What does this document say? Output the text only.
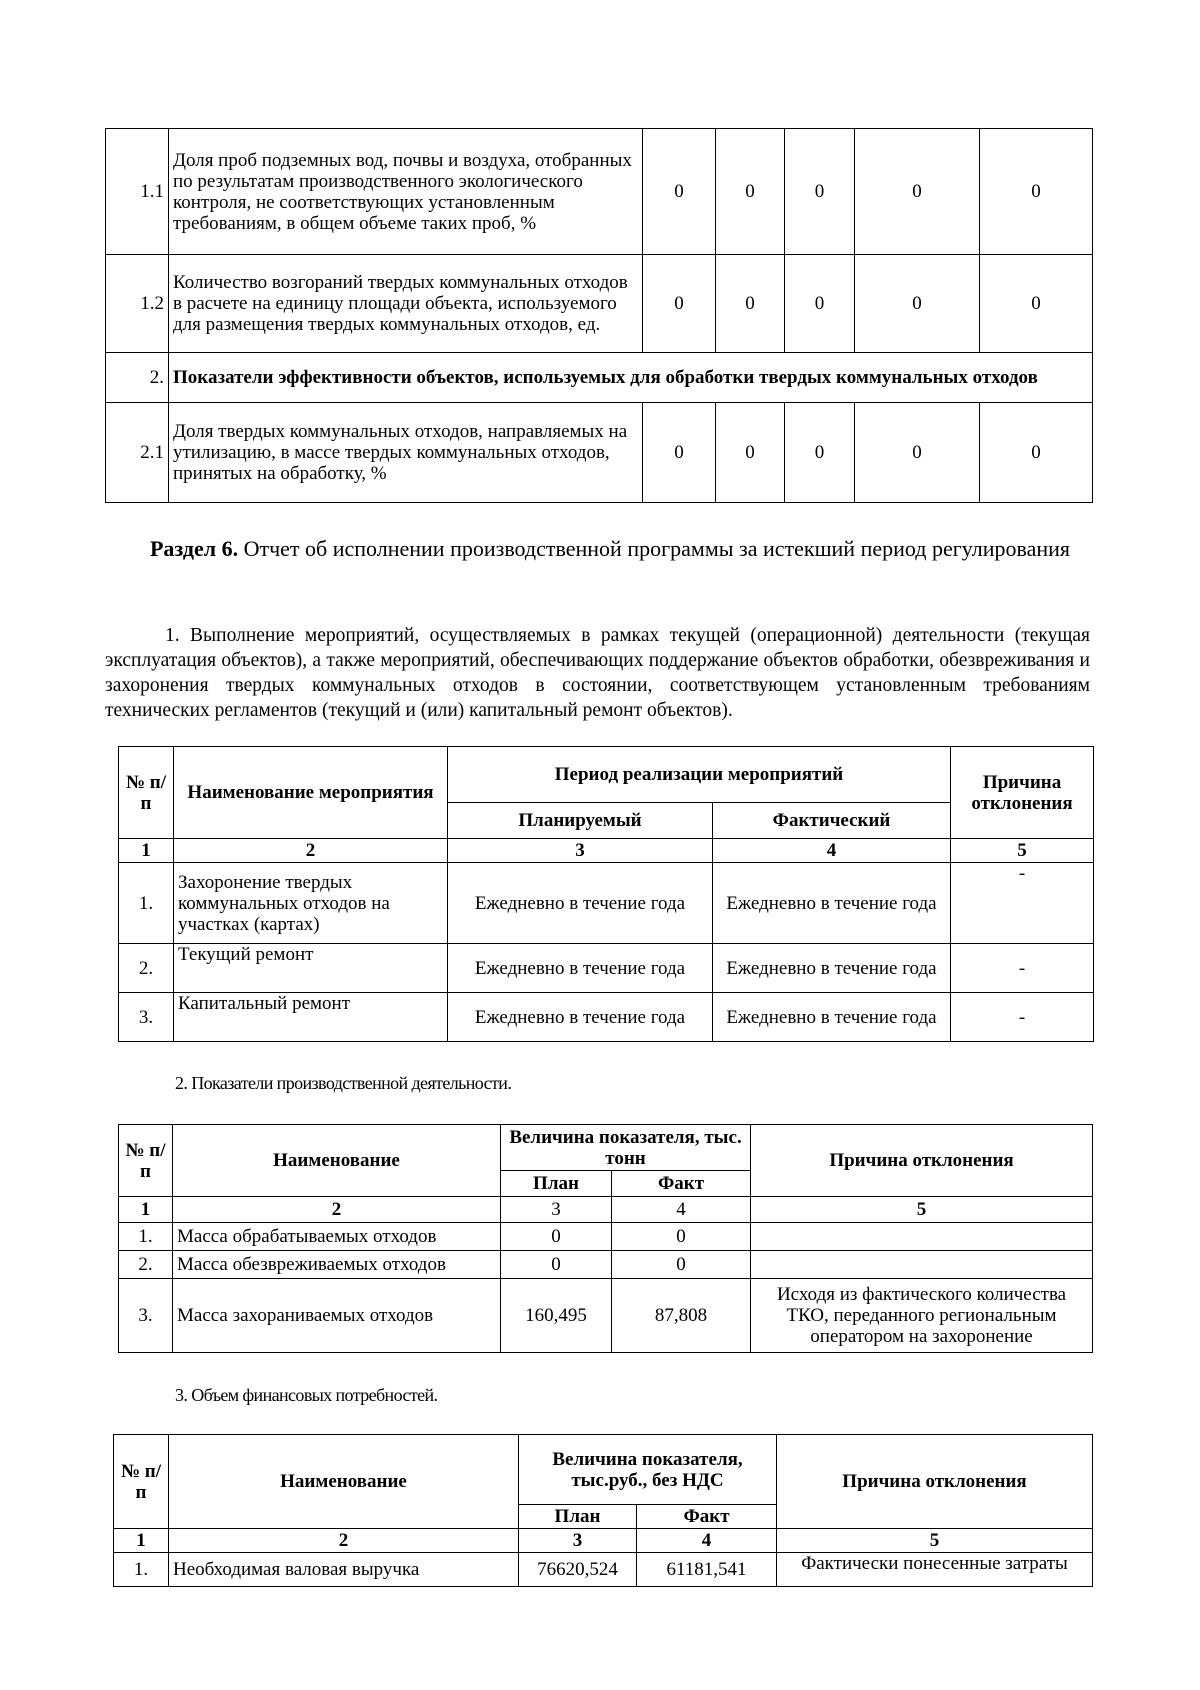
1.1	Доля проб подземных вод, почвы и воздуха, отобранных по результатам производственного экологического контроля, не соответствующих установленным требованиям, в общем объеме таких проб, %	0	0	0	0	0
1.2	Количество возгораний твердых коммунальных отходов в расчете на единицу площади объекта, используемого для размещения твердых коммунальных отходов, ед.	0	0	0	0	0
2.	Показатели эффективности объектов, используемых для обработки твердых коммунальных отходов					
2.1	Доля твердых коммунальных отходов, направляемых на утилизацию, в массе твердых коммунальных отходов, принятых на обработку, %	0	0	0	0	0
Раздел 6. Отчет об исполнении производственной программы за истекший период регулирования

1. Выполнение мероприятий, осуществляемых в рамках текущей (операционной) деятельности (текущая эксплуатация объектов), а также мероприятий, обеспечивающих поддержание объектов обработки, обезвреживания и захоронения твердых коммунальных отходов в состоянии, соответствующем установленным требованиям технических регламентов (текущий и (или) капитальный ремонт объектов).

№ п/п	Наименование мероприятия	Период реализации мероприятий		Причина отклонения
		Планируемый	Фактический	
1	2	3	4	5
1.	Захоронение твердых коммунальных отходов на участках (картах)	Ежедневно в течение года	Ежедневно в течение года	-
2.	Текущий ремонт	Ежедневно в течение года	Ежедневно в течение года	-
3.	Капитальный ремонт	Ежедневно в течение года	Ежедневно в течение года	-
2. Показатели производственной деятельности.
№ п/п	Наименование	Величина показателя, тыс. тонн		Причина отклонения
		План	Факт	
1	2	3	4	5
1.	Масса обрабатываемых отходов	0	0	
2.	Масса обезвреживаемых отходов	0	0	
3.	Масса захораниваемых отходов	160,495	87,808	Исходя из фактического количества ТКО, переданного региональным оператором на захоронение
3. Объем финансовых потребностей.
№ п/п	Наименование	Величина показателя, тыс.руб., без НДС		Причина отклонения
		План	Факт	
1	2	3	4	5
1.	Необходимая валовая выручка	76620,524	61181,541	Фактически понесенные затраты
